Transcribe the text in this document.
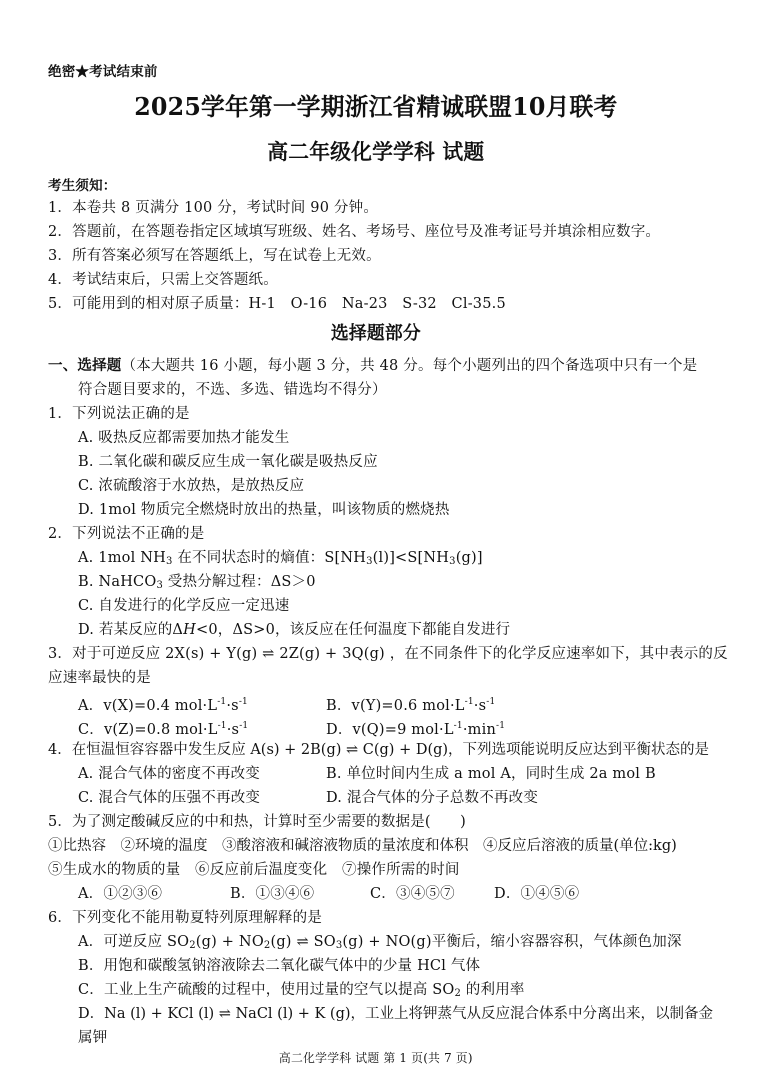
绝密★考试结束前
2025学年第一学期浙江省精诚联盟10月联考
高二年级化学学科 试题
考生须知：
1．本卷共 8 页满分 100 分，考试时间 90 分钟。
2．答题前，在答题卷指定区域填写班级、姓名、考场号、座位号及准考证号并填涂相应数字。
3．所有答案必须写在答题纸上，写在试卷上无效。
4．考试结束后，只需上交答题纸。
5．可能用到的相对原子质量：H-1　O-16　Na-23　S-32　Cl-35.5
选择题部分
一、选择题（本大题共 16 小题，每小题 3 分，共 48 分。每个小题列出的四个备选项中只有一个是
符合题目要求的，不选、多选、错选均不得分）
1．下列说法正确的是
A. 吸热反应都需要加热才能发生
B. 二氧化碳和碳反应生成一氧化碳是吸热反应
C. 浓硫酸溶于水放热，是放热反应
D. 1mol 物质完全燃烧时放出的热量，叫该物质的燃烧热
2．下列说法不正确的是
A. 1mol $NH_3$ 在不同状态时的熵值：$S[NH_3(l)]<S[NH_3(g)]$
B. NaHCO$_3$ 受热分解过程：ΔS＞0
C. 自发进行的化学反应一定迅速
D. 若某反应的ΔH<0，ΔS>0，该反应在任何温度下都能自发进行
3．对于可逆反应 2X(s) + Y(g) ⇌ 2Z(g) + 3Q(g) ，在不同条件下的化学反应速率如下，其中表示的反
应速率最快的是
A．v(X)=0.4 $mol\cdot L^{-1}\cdot s^{-1}$	B．v(Y)=0.6 $mol\cdot L^{-1}\cdot s^{-1}$
C．v(Z)=0.8 $mol\cdot L^{-1}\cdot s^{-1}$	D．v(Q)=9 $mol\cdot L^{-1}\cdot\min^{-1}$
4．在恒温恒容容器中发生反应 A(s) + 2B(g) ⇌ C(g) + D(g)，下列选项能说明反应达到平衡状态的是
A. 混合气体的密度不再改变	B. 单位时间内生成 a mol A，同时生成 2a mol B
C. 混合气体的压强不再改变	D. 混合气体的分子总数不再改变
5．为了测定酸碱反应的中和热，计算时至少需要的数据是(　　)
①比热容　②环境的温度　③酸溶液和碱溶液物质的量浓度和体积　④反应后溶液的质量(单位:kg)
⑤生成水的物质的量　⑥反应前后温度变化　⑦操作所需的时间
A．①②③⑥	B．①③④⑥	C．③④⑤⑦	D．①④⑤⑥
6．下列变化不能用勒夏特列原理解释的是
A．可逆反应 $SO_2(g) + NO_2(g)$ ⇌ $SO_3(g) + NO(g)$平衡后，缩小容器容积，气体颜色加深
B．用饱和碳酸氢钠溶液除去二氧化碳气体中的少量 HCl 气体
C．工业上生产硫酸的过程中，使用过量的空气以提高 $SO_2$ 的利用率
D．Na (l) + KCl (l) ⇌ NaCl (l) + K (g)，工业上将钾蒸气从反应混合体系中分离出来，以制备金
属钾
高二化学学科 试题 第 1 页(共 7 页)
